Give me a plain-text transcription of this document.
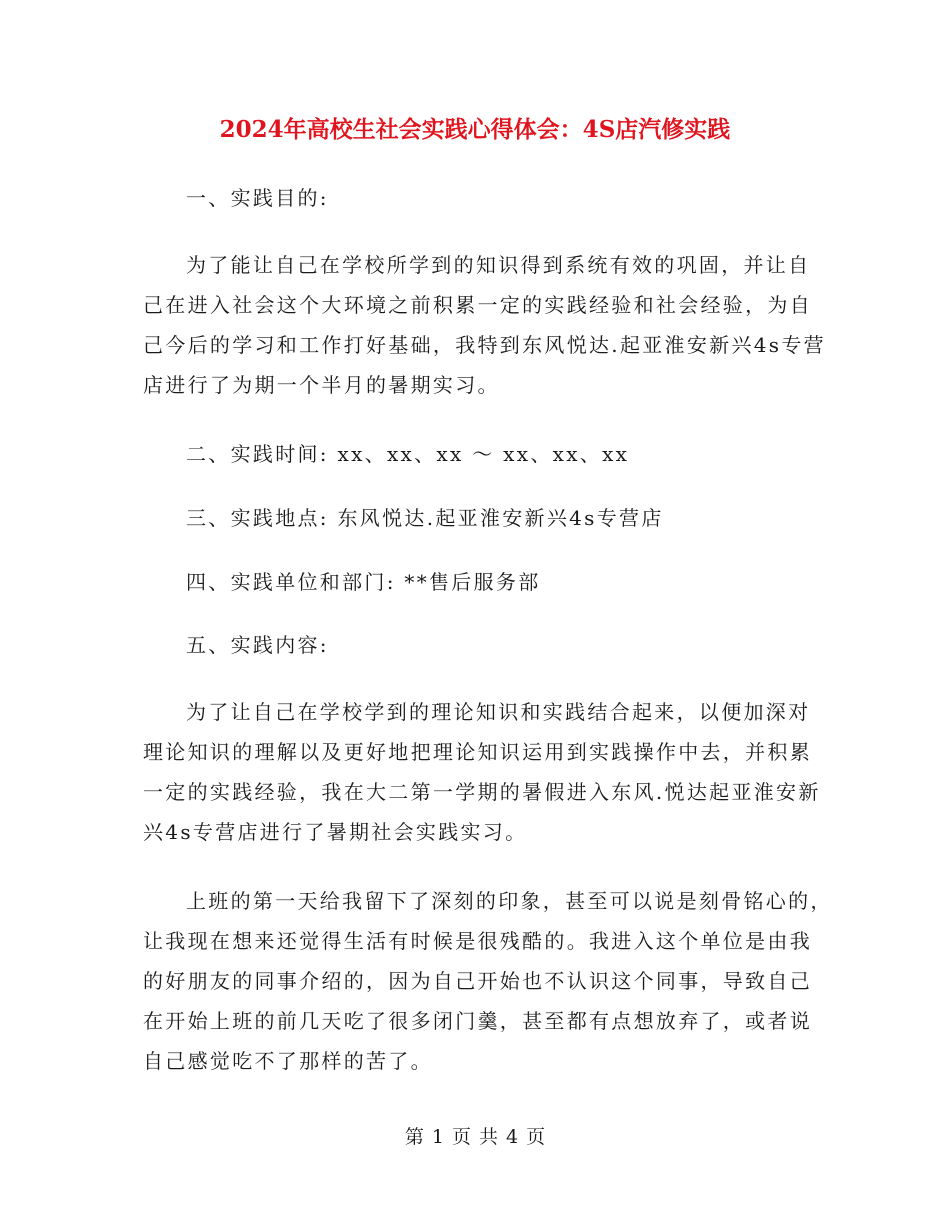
2024年高校生社会实践心得体会：4S店汽修实践
一、实践目的:
为了能让自己在学校所学到的知识得到系统有效的巩固，并让自
己在进入社会这个大环境之前积累一定的实践经验和社会经验，为自
己今后的学习和工作打好基础，我特到东风悦达.起亚淮安新兴4s专营
店进行了为期一个半月的暑期实习。
二、实践时间: xx、xx、xx ～ xx、xx、xx
三、实践地点: 东风悦达.起亚淮安新兴4s专营店
四、实践单位和部门: **售后服务部
五、实践内容:
为了让自己在学校学到的理论知识和实践结合起来，以便加深对
理论知识的理解以及更好地把理论知识运用到实践操作中去，并积累
一定的实践经验，我在大二第一学期的暑假进入东风.悦达起亚淮安新
兴4s专营店进行了暑期社会实践实习。
上班的第一天给我留下了深刻的印象，甚至可以说是刻骨铭心的，
让我现在想来还觉得生活有时候是很残酷的。我进入这个单位是由我
的好朋友的同事介绍的，因为自己开始也不认识这个同事，导致自己
在开始上班的前几天吃了很多闭门羹，甚至都有点想放弃了，或者说
自己感觉吃不了那样的苦了。
第 1 页 共 4 页
